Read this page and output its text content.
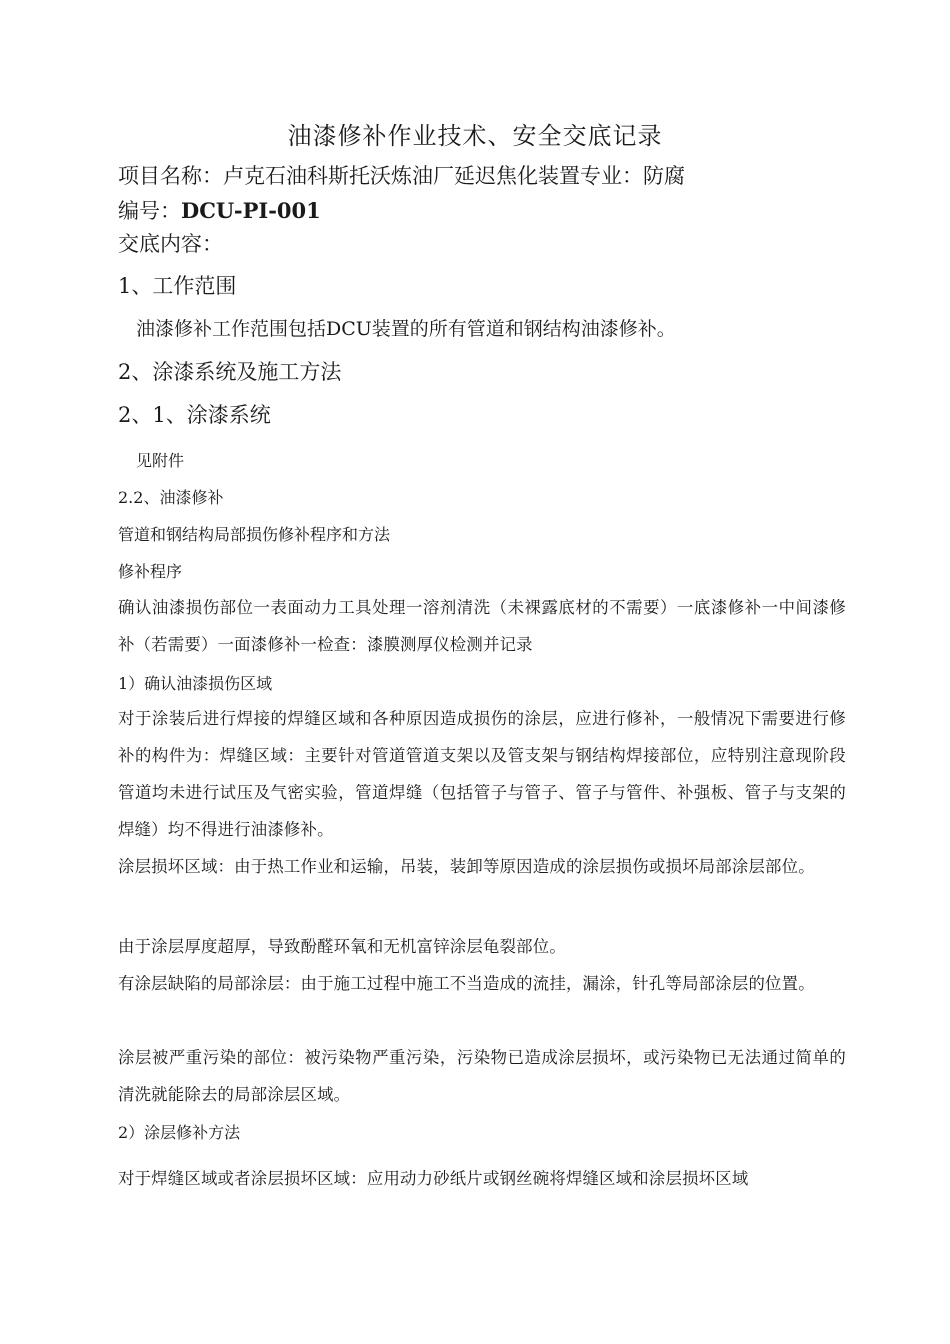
油漆修补作业技术、安全交底记录
项目名称：卢克石油科斯托沃炼油厂延迟焦化装置专业：防腐
编号：DCU-PI-001
交底内容：
1、工作范围
油漆修补工作范围包括DCU装置的所有管道和钢结构油漆修补。
2、涂漆系统及施工方法
2、1、涂漆系统
见附件
2.2、油漆修补
管道和钢结构局部损伤修补程序和方法
修补程序
确认油漆损伤部位一表面动力工具处理一溶剂清洗（未裸露底材的不需要）一底漆修补一中间漆修补（若需要）一面漆修补一检查：漆膜测厚仪检测并记录
1）确认油漆损伤区域
对于涂装后进行焊接的焊缝区域和各种原因造成损伤的涂层，应进行修补，一般情况下需要进行修补的构件为：焊缝区域：主要针对管道管道支架以及管支架与钢结构焊接部位，应特别注意现阶段管道均未进行试压及气密实验，管道焊缝（包括管子与管子、管子与管件、补强板、管子与支架的焊缝）均不得进行油漆修补。
涂层损坏区域：由于热工作业和运输，吊装，装卸等原因造成的涂层损伤或损坏局部涂层部位。
由于涂层厚度超厚，导致酚醛环氧和无机富锌涂层龟裂部位。
有涂层缺陷的局部涂层：由于施工过程中施工不当造成的流挂，漏涂，针孔等局部涂层的位置。
涂层被严重污染的部位：被污染物严重污染，污染物已造成涂层损坏，或污染物已无法通过简单的清洗就能除去的局部涂层区域。
2）涂层修补方法
对于焊缝区域或者涂层损坏区域：应用动力砂纸片或钢丝碗将焊缝区域和涂层损坏区域
